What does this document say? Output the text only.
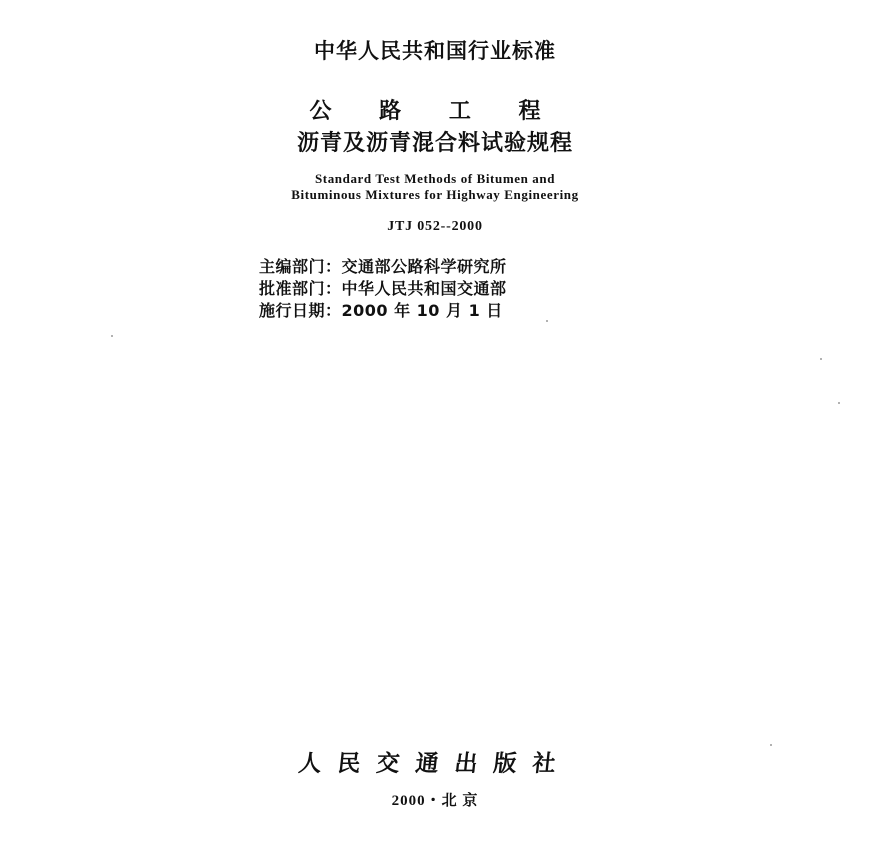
中华人民共和国行业标准
公 路 工 程
沥青及沥青混合料试验规程
Standard Test Methods of Bitumen and
Bituminous Mixtures for Highway Engineering
JTJ 052--2000
主编部门：交通部公路科学研究所
批准部门：中华人民共和国交通部
施行日期：2000 年 10 月 1 日
人民交通出版社
2000・北 京
